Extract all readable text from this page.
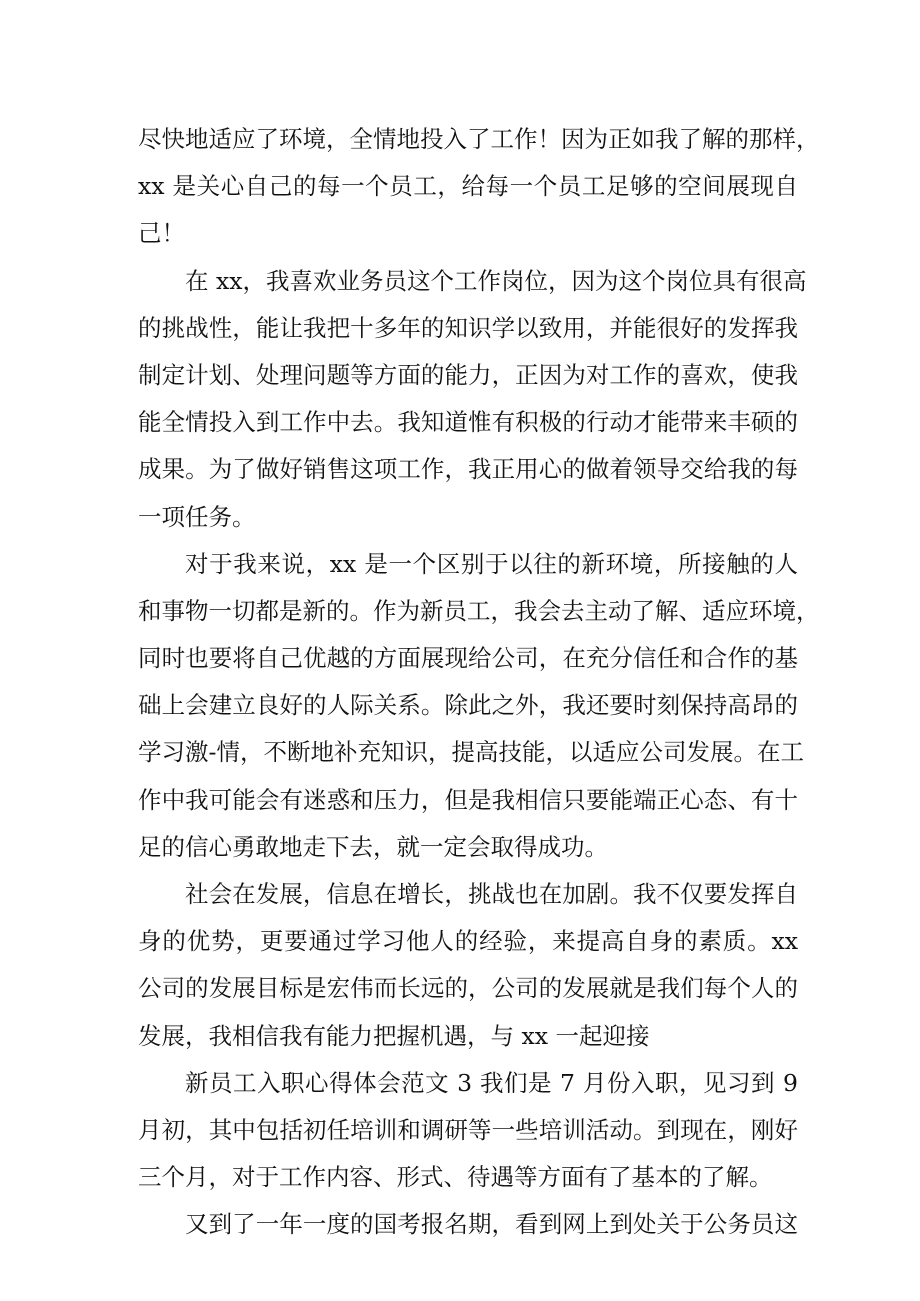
尽快地适应了环境，全情地投入了工作！因为正如我了解的那样，
xx 是关心自己的每一个员工，给每一个员工足够的空间展现自
己！
在 xx，我喜欢业务员这个工作岗位，因为这个岗位具有很高
的挑战性，能让我把十多年的知识学以致用，并能很好的发挥我
制定计划、处理问题等方面的能力，正因为对工作的喜欢，使我
能全情投入到工作中去。我知道惟有积极的行动才能带来丰硕的
成果。为了做好销售这项工作，我正用心的做着领导交给我的每
一项任务。
对于我来说，xx 是一个区别于以往的新环境，所接触的人
和事物一切都是新的。作为新员工，我会去主动了解、适应环境，
同时也要将自己优越的方面展现给公司，在充分信任和合作的基
础上会建立良好的人际关系。除此之外，我还要时刻保持高昂的
学习激-情，不断地补充知识，提高技能，以适应公司发展。在工
作中我可能会有迷惑和压力，但是我相信只要能端正心态、有十
足的信心勇敢地走下去，就一定会取得成功。
社会在发展，信息在增长，挑战也在加剧。我不仅要发挥自
身的优势，更要通过学习他人的经验，来提高自身的素质。xx
公司的发展目标是宏伟而长远的，公司的发展就是我们每个人的
发展，我相信我有能力把握机遇，与 xx 一起迎接
新员工入职心得体会范文 3 我们是 7 月份入职，见习到 9
月初，其中包括初任培训和调研等一些培训活动。到现在，刚好
三个月，对于工作内容、形式、待遇等方面有了基本的了解。
又到了一年一度的国考报名期，看到网上到处关于公务员这
